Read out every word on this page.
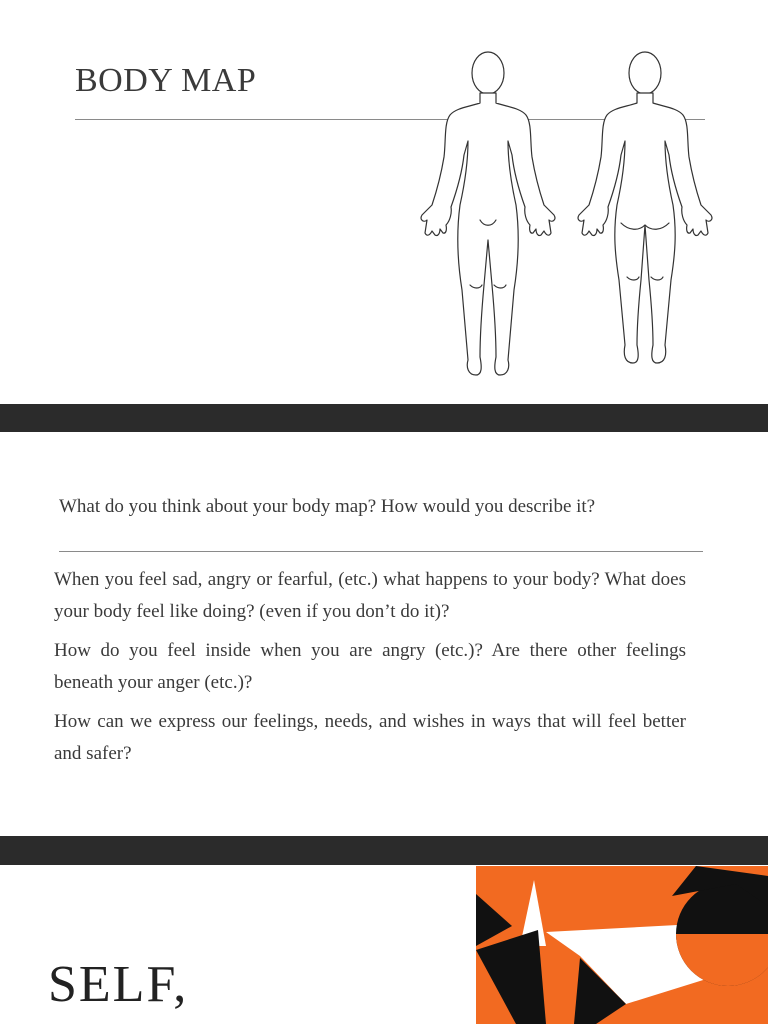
BODY MAP
What do you think about your body map? How would you describe it?

When you feel sad, angry or fearful, (etc.) what happens to your body? What does your body feel like doing? (even if you don’t do it)?

How do you feel inside when you are angry (etc.)? Are there other feelings beneath your anger (etc.)?

How can we express our feelings, needs, and wishes in ways that will feel better and safer?

SELF,
